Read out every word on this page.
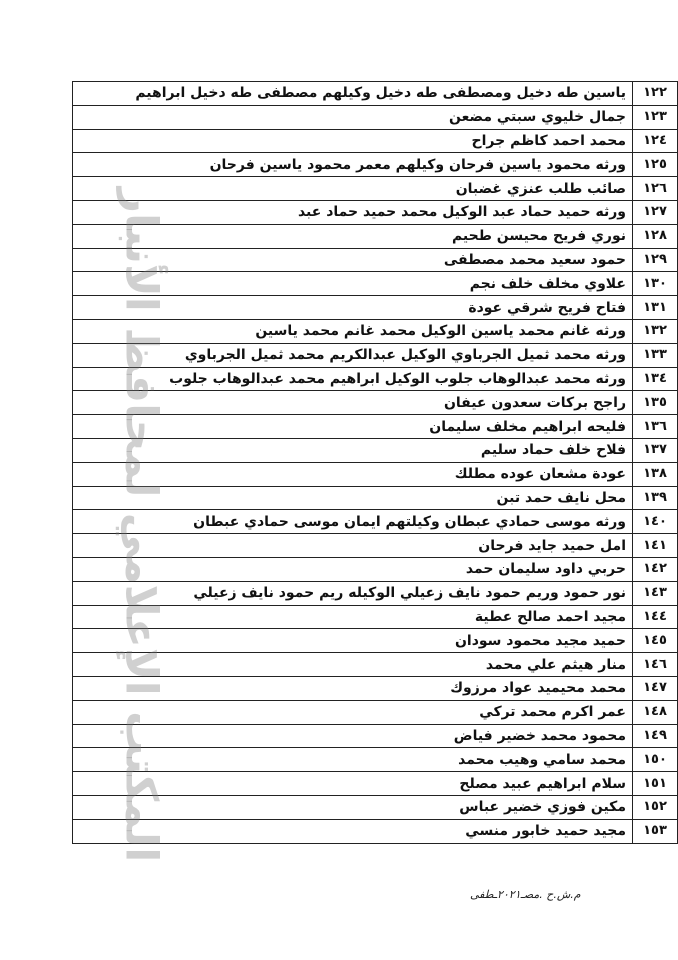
١٢٢	ياسين طه دخيل ومصطفى طه دخيل وكيلهم مصطفى طه دخيل ابراهيم
١٢٣	جمال خليوي سبتي مضعن
١٢٤	محمد احمد كاظم جراح
١٢٥	ورثه محمود ياسين فرحان وكيلهم معمر محمود ياسين فرحان
١٢٦	صائب طلب عنزي غضبان
١٢٧	ورثه حميد حماد عبد الوكيل محمد حميد حماد عبد
١٢٨	نوري فريح محيسن طحيم
١٢٩	حمود سعيد محمد مصطفى
١٣٠	علاوي مخلف خلف نجم
١٣١	فتاح فريح شرقي عودة
١٣٢	ورثه غانم محمد ياسين الوكيل محمد غانم محمد ياسين
١٣٣	ورثه محمد ثميل الجرباوي الوكيل عبدالكريم محمد ثميل الجرباوي
١٣٤	ورثه محمد عبدالوهاب جلوب الوكيل ابراهيم محمد عبدالوهاب جلوب
١٣٥	راجح بركات سعدون عيفان
١٣٦	فليحه ابراهيم مخلف سليمان
١٣٧	فلاح خلف حماد سليم
١٣٨	عودة مشعان عوده مطلك
١٣٩	محل نايف حمد تبن
١٤٠	ورثه موسى حمادي عبطان وكيلتهم ايمان موسى حمادي عبطان
١٤١	امل حميد جايد فرحان
١٤٢	حربي داود سليمان حمد
١٤٣	نور حمود وريم حمود نايف زعيلي الوكيله ريم حمود نايف زعيلي
١٤٤	مجيد احمد صالح عطية
١٤٥	حميد مجيد محمود سودان
١٤٦	منار هيثم علي محمد
١٤٧	محمد محيميد عواد مرزوك
١٤٨	عمر اكرم محمد تركي
١٤٩	محمود محمد خضير فياض
١٥٠	محمد سامي وهيب محمد
١٥١	سلام ابراهيم عبيد مصلح
١٥٢	مكين فوزي خضير عباس
١٥٣	مجيد حميد خابور منسي
المكتب الإعلامي لمحافظ الأنبار
م.ش.ح .مصـ٢٠٢١ـطفى
